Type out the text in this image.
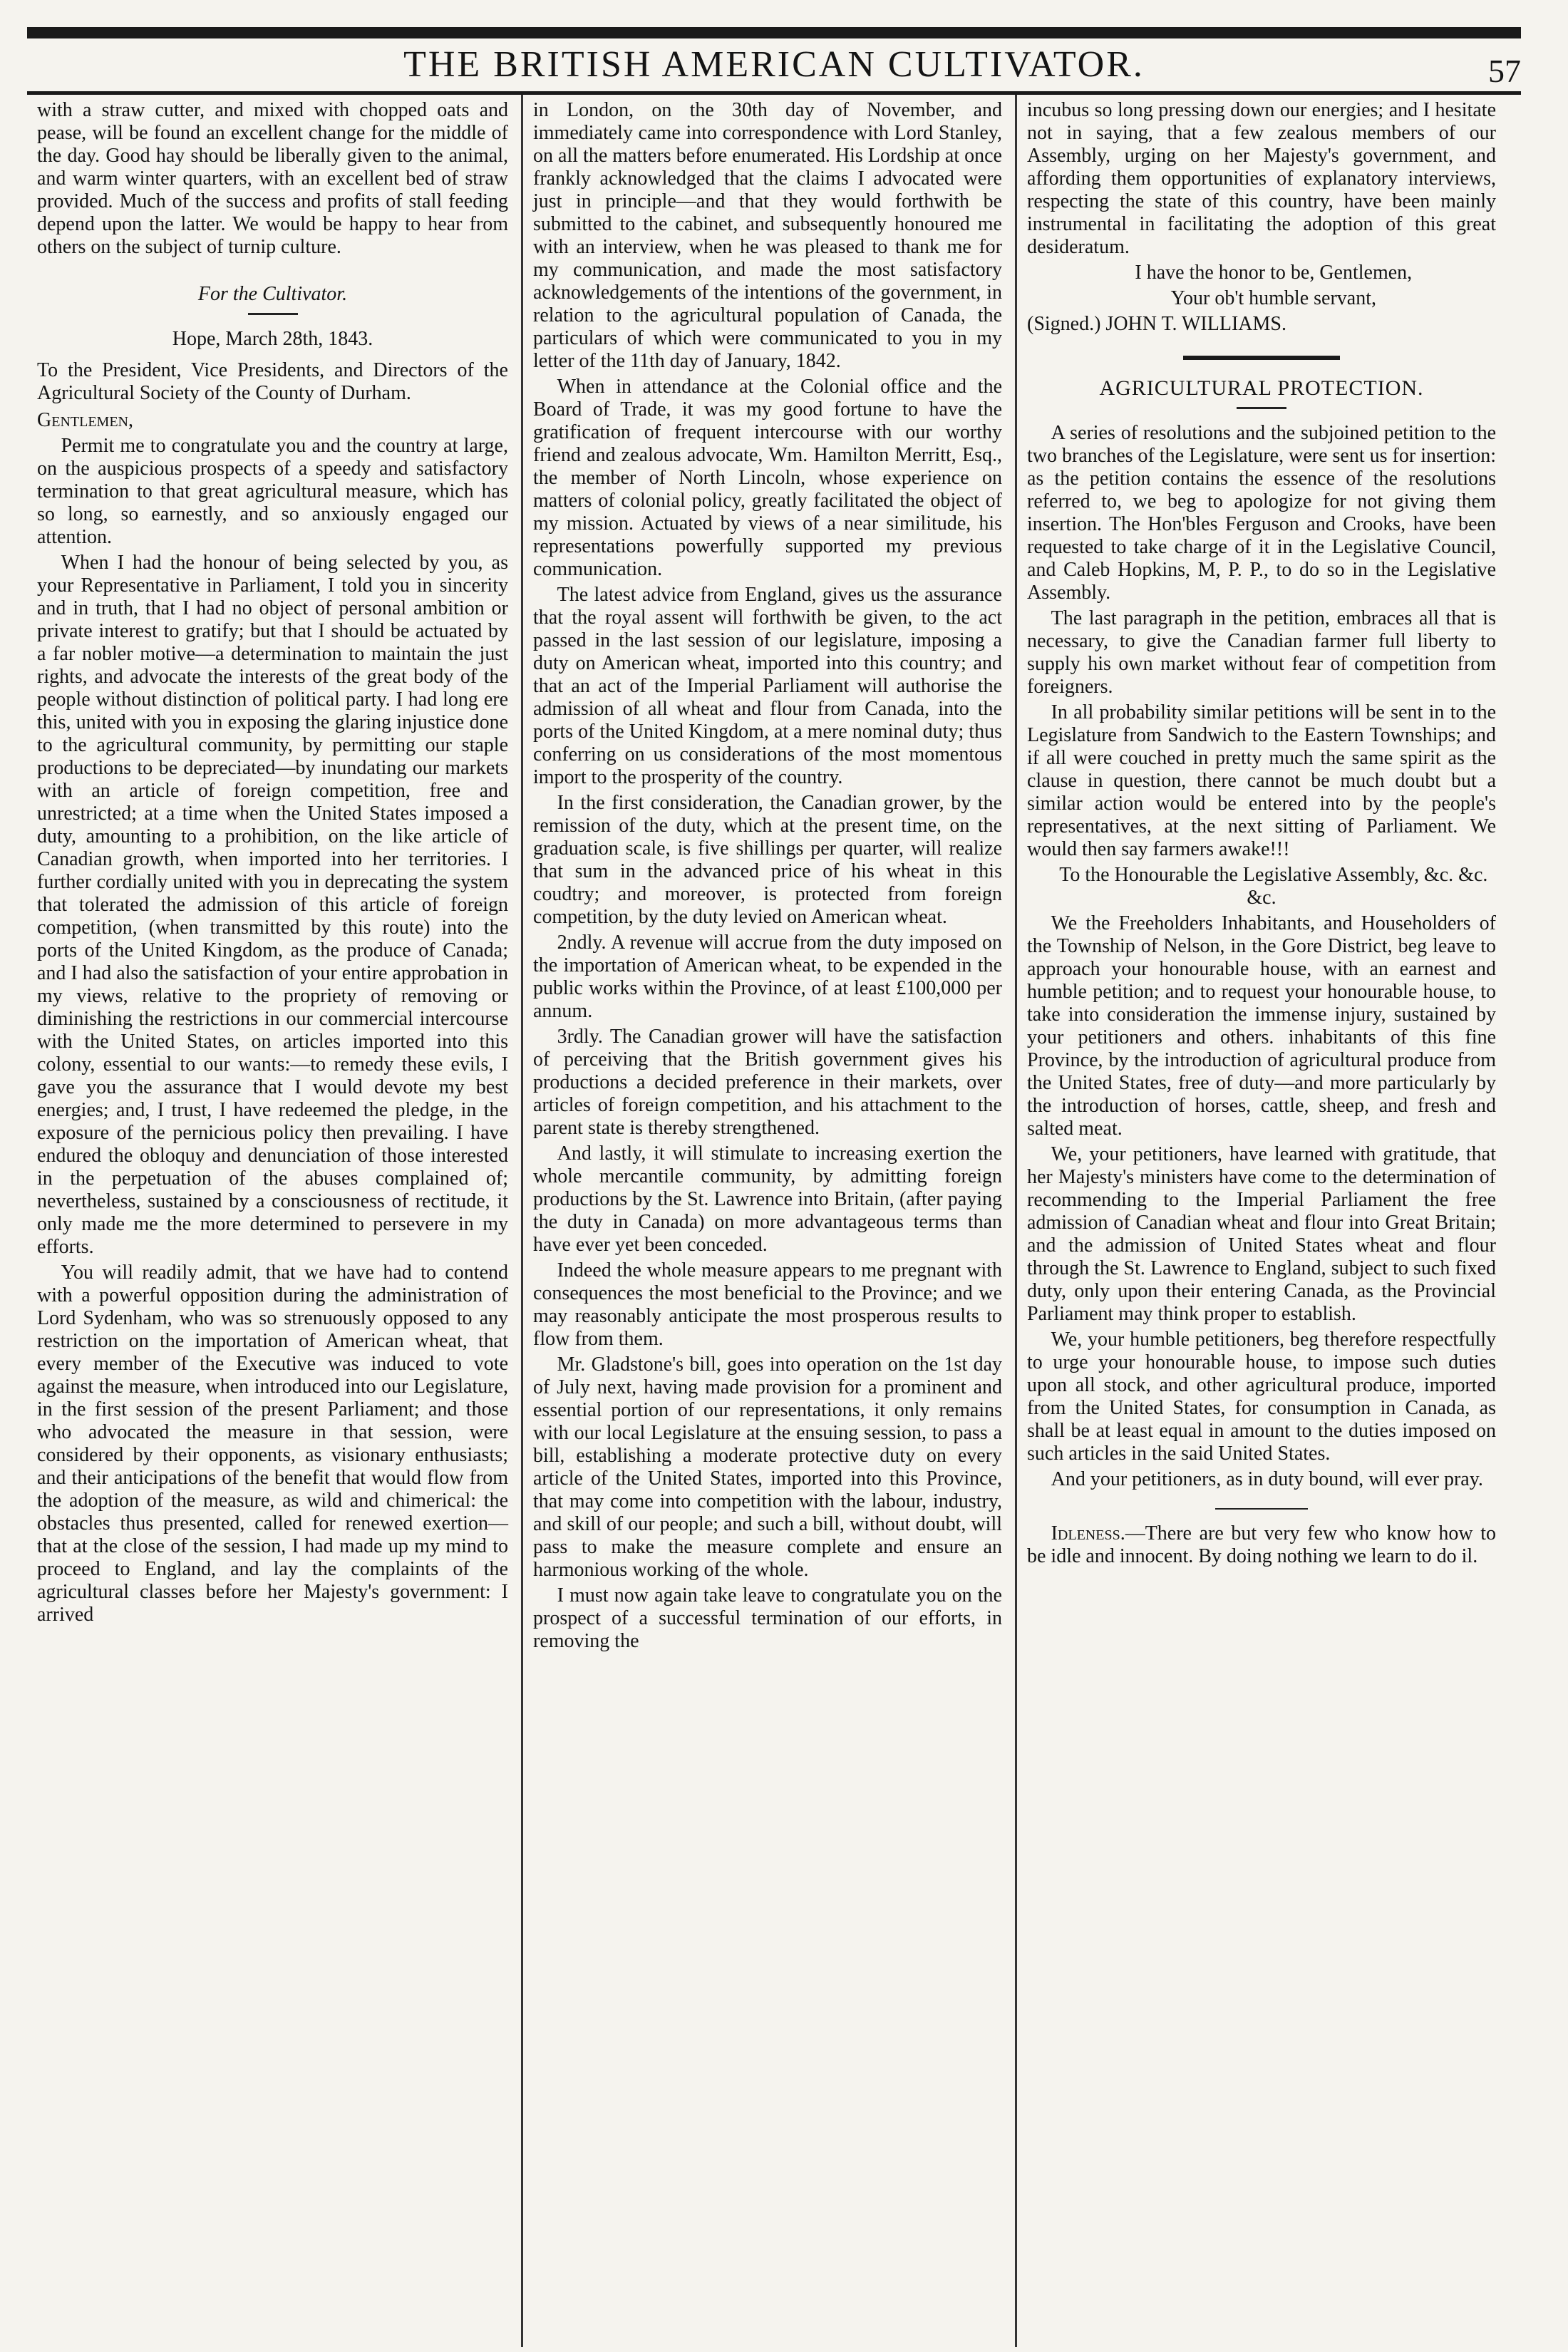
THE BRITISH AMERICAN CULTIVATOR.	57

with a straw cutter, and mixed with chopped oats and pease, will be found an excellent change for the middle of the day. Good hay should be liberally given to the animal, and warm winter quarters, with an excellent bed of straw provided. Much of the success and profits of stall feeding depend upon the latter. We would be happy to hear from others on the subject of turnip culture.

For the Cultivator.
Hope, March 28th, 1843.

To the President, Vice Presidents, and Directors of the Agricultural Society of the County of Durham.

Gentlemen,

Permit me to congratulate you and the country at large, on the auspicious prospects of a speedy and satisfactory termination to that great agricultural measure, which has so long, so earnestly, and so anxiously engaged our attention.

When I had the honour of being selected by you, as your Representative in Parliament, I told you in sincerity and in truth, that I had no object of personal ambition or private interest to gratify; but that I should be actuated by a far nobler motive—a determination to maintain the just rights, and advocate the interests of the great body of the people without distinction of political party. I had long ere this, united with you in exposing the glaring injustice done to the agricultural community, by permitting our staple productions to be depreciated—by inundating our markets with an article of foreign competition, free and unrestricted; at a time when the United States imposed a duty, amounting to a prohibition, on the like article of Canadian growth, when imported into her territories. I further cordially united with you in deprecating the system that tolerated the admission of this article of foreign competition, (when transmitted by this route) into the ports of the United Kingdom, as the produce of Canada; and I had also the satisfaction of your entire approbation in my views, relative to the propriety of removing or diminishing the restrictions in our commercial intercourse with the United States, on articles imported into this colony, essential to our wants:—to remedy these evils, I gave you the assurance that I would devote my best energies; and, I trust, I have redeemed the pledge, in the exposure of the pernicious policy then prevailing. I have endured the obloquy and denunciation of those interested in the perpetuation of the abuses complained of; nevertheless, sustained by a consciousness of rectitude, it only made me the more determined to persevere in my efforts.

You will readily admit, that we have had to contend with a powerful opposition during the administration of Lord Sydenham, who was so strenuously opposed to any restriction on the importation of American wheat, that every member of the Executive was induced to vote against the measure, when introduced into our Legislature, in the first session of the present Parliament; and those who advocated the measure in that session, were considered by their opponents, as visionary enthusiasts; and their anticipations of the benefit that would flow from the adoption of the measure, as wild and chimerical: the obstacles thus presented, called for renewed exertion—that at the close of the session, I had made up my mind to proceed to England, and lay the complaints of the agricultural classes before her Majesty's government: I arrived

in London, on the 30th day of November, and immediately came into correspondence with Lord Stanley, on all the matters before enumerated. His Lordship at once frankly acknowledged that the claims I advocated were just in principle—and that they would forthwith be submitted to the cabinet, and subsequently honoured me with an interview, when he was pleased to thank me for my communication, and made the most satisfactory acknowledgements of the intentions of the government, in relation to the agricultural population of Canada, the particulars of which were communicated to you in my letter of the 11th day of January, 1842.

When in attendance at the Colonial office and the Board of Trade, it was my good fortune to have the gratification of frequent intercourse with our worthy friend and zealous advocate, Wm. Hamilton Merritt, Esq., the member of North Lincoln, whose experience on matters of colonial policy, greatly facilitated the object of my mission. Actuated by views of a near similitude, his representations powerfully supported my previous communication.

The latest advice from England, gives us the assurance that the royal assent will forthwith be given, to the act passed in the last session of our legislature, imposing a duty on American wheat, imported into this country; and that an act of the Imperial Parliament will authorise the admission of all wheat and flour from Canada, into the ports of the United Kingdom, at a mere nominal duty; thus conferring on us considerations of the most momentous import to the prosperity of the country.

In the first consideration, the Canadian grower, by the remission of the duty, which at the present time, on the graduation scale, is five shillings per quarter, will realize that sum in the advanced price of his wheat in this coudtry; and moreover, is protected from foreign competition, by the duty levied on American wheat.

2ndly. A revenue will accrue from the duty imposed on the importation of American wheat, to be expended in the public works within the Province, of at least £100,000 per annum.

3rdly. The Canadian grower will have the satisfaction of perceiving that the British government gives his productions a decided preference in their markets, over articles of foreign competition, and his attachment to the parent state is thereby strengthened.

And lastly, it will stimulate to increasing exertion the whole mercantile community, by admitting foreign productions by the St. Lawrence into Britain, (after paying the duty in Canada) on more advantageous terms than have ever yet been conceded.

Indeed the whole measure appears to me pregnant with consequences the most beneficial to the Province; and we may reasonably anticipate the most prosperous results to flow from them.

Mr. Gladstone's bill, goes into operation on the 1st day of July next, having made provision for a prominent and essential portion of our representations, it only remains with our local Legislature at the ensuing session, to pass a bill, establishing a moderate protective duty on every article of the United States, imported into this Province, that may come into competition with the labour, industry, and skill of our people; and such a bill, without doubt, will pass to make the measure complete and ensure an harmonious working of the whole.

I must now again take leave to congratulate you on the prospect of a successful termination of our efforts, in removing the

incubus so long pressing down our energies; and I hesitate not in saying, that a few zealous members of our Assembly, urging on her Majesty's government, and affording them opportunities of explanatory interviews, respecting the state of this country, have been mainly instrumental in facilitating the adoption of this great desideratum.

I have the honor to be, Gentlemen,

Your ob't humble servant,

(Signed.) JOHN T. WILLIAMS.

AGRICULTURAL PROTECTION.

A series of resolutions and the subjoined petition to the two branches of the Legislature, were sent us for insertion: as the petition contains the essence of the resolutions referred to, we beg to apologize for not giving them insertion. The Hon'bles Ferguson and Crooks, have been requested to take charge of it in the Legislative Council, and Caleb Hopkins, M, P. P., to do so in the Legislative Assembly.

The last paragraph in the petition, embraces all that is necessary, to give the Canadian farmer full liberty to supply his own market without fear of competition from foreigners.

In all probability similar petitions will be sent in to the Legislature from Sandwich to the Eastern Townships; and if all were couched in pretty much the same spirit as the clause in question, there cannot be much doubt but a similar action would be entered into by the people's representatives, at the next sitting of Parliament. We would then say farmers awake!!!

To the Honourable the Legislative Assembly, &c. &c. &c.

We the Freeholders Inhabitants, and Householders of the Township of Nelson, in the Gore District, beg leave to approach your honourable house, with an earnest and humble petition; and to request your honourable house, to take into consideration the immense injury, sustained by your petitioners and others. inhabitants of this fine Province, by the introduction of agricultural produce from the United States, free of duty—and more particularly by the introduction of horses, cattle, sheep, and fresh and salted meat.

We, your petitioners, have learned with gratitude, that her Majesty's ministers have come to the determination of recommending to the Imperial Parliament the free admission of Canadian wheat and flour into Great Britain; and the admission of United States wheat and flour through the St. Lawrence to England, subject to such fixed duty, only upon their entering Canada, as the Provincial Parliament may think proper to establish.

We, your humble petitioners, beg therefore respectfully to urge your honourable house, to impose such duties upon all stock, and other agricultural produce, imported from the United States, for consumption in Canada, as shall be at least equal in amount to the duties imposed on such articles in the said United States.

And your petitioners, as in duty bound, will ever pray.

Idleness.—There are but very few who know how to be idle and innocent. By doing nothing we learn to do il.
